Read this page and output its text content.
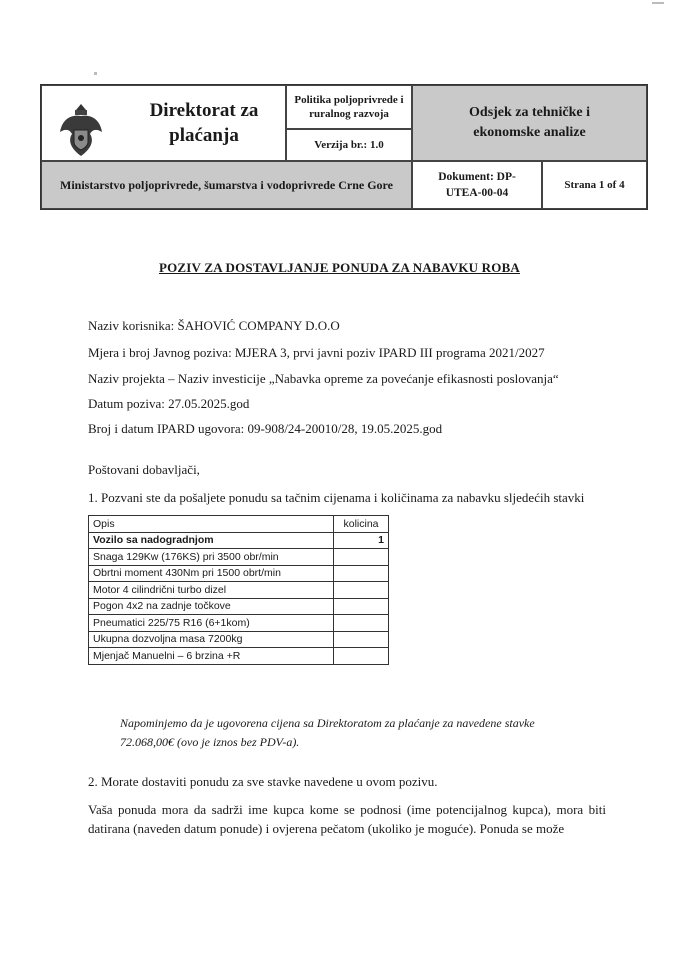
Direktorat za plaćanja
Politika poljoprivrede i ruralnog razvoja
Verzija br.: 1.0
Odsjek za tehničke i ekonomske analize
Ministarstvo poljoprivrede, šumarstva i vodoprivrede Crne Gore
Dokument: DP-UTEA-00-04
Strana 1 of 4
POZIV ZA DOSTAVLJANJE PONUDA ZA NABAVKU ROBA
Naziv korisnika: ŠAHOVIĆ COMPANY D.O.O
Mjera i broj Javnog poziva: MJERA 3, prvi javni poziv IPARD III programa 2021/2027
Naziv projekta – Naziv investicije „Nabavka opreme za povećanje efikasnosti poslovanja“
Datum poziva: 27.05.2025.god
Broj i datum IPARD ugovora: 09-908/24-20010/28, 19.05.2025.god
Poštovani dobavljači,
1. Pozvani ste da pošaljete ponudu sa tačnim cijenama i količinama za nabavku sljedećih stavki
Opis	kolicina
Vozilo sa nadogradnjom	1
Snaga 129Kw (176KS) pri 3500 obr/min	
Obrtni moment 430Nm pri 1500 obrt/min	
Motor 4 cilindrični turbo dizel	
Pogon 4x2 na zadnje točkove	
Pneumatici 225/75 R16 (6+1kom)	
Ukupna dozvoljna masa 7200kg	
Mjenjač Manuelni – 6 brzina +R	
Napominjemo da je ugovorena cijena sa Direktoratom za plaćanje za navedene stavke 72.068,00€ (ovo je iznos bez PDV-a).
2. Morate dostaviti ponudu za sve stavke navedene u ovom pozivu.
Vaša ponuda mora da sadrži ime kupca kome se podnosi (ime potencijalnog kupca), mora biti datirana (naveden datum ponude) i ovjerena pečatom (ukoliko je moguće). Ponuda se može
